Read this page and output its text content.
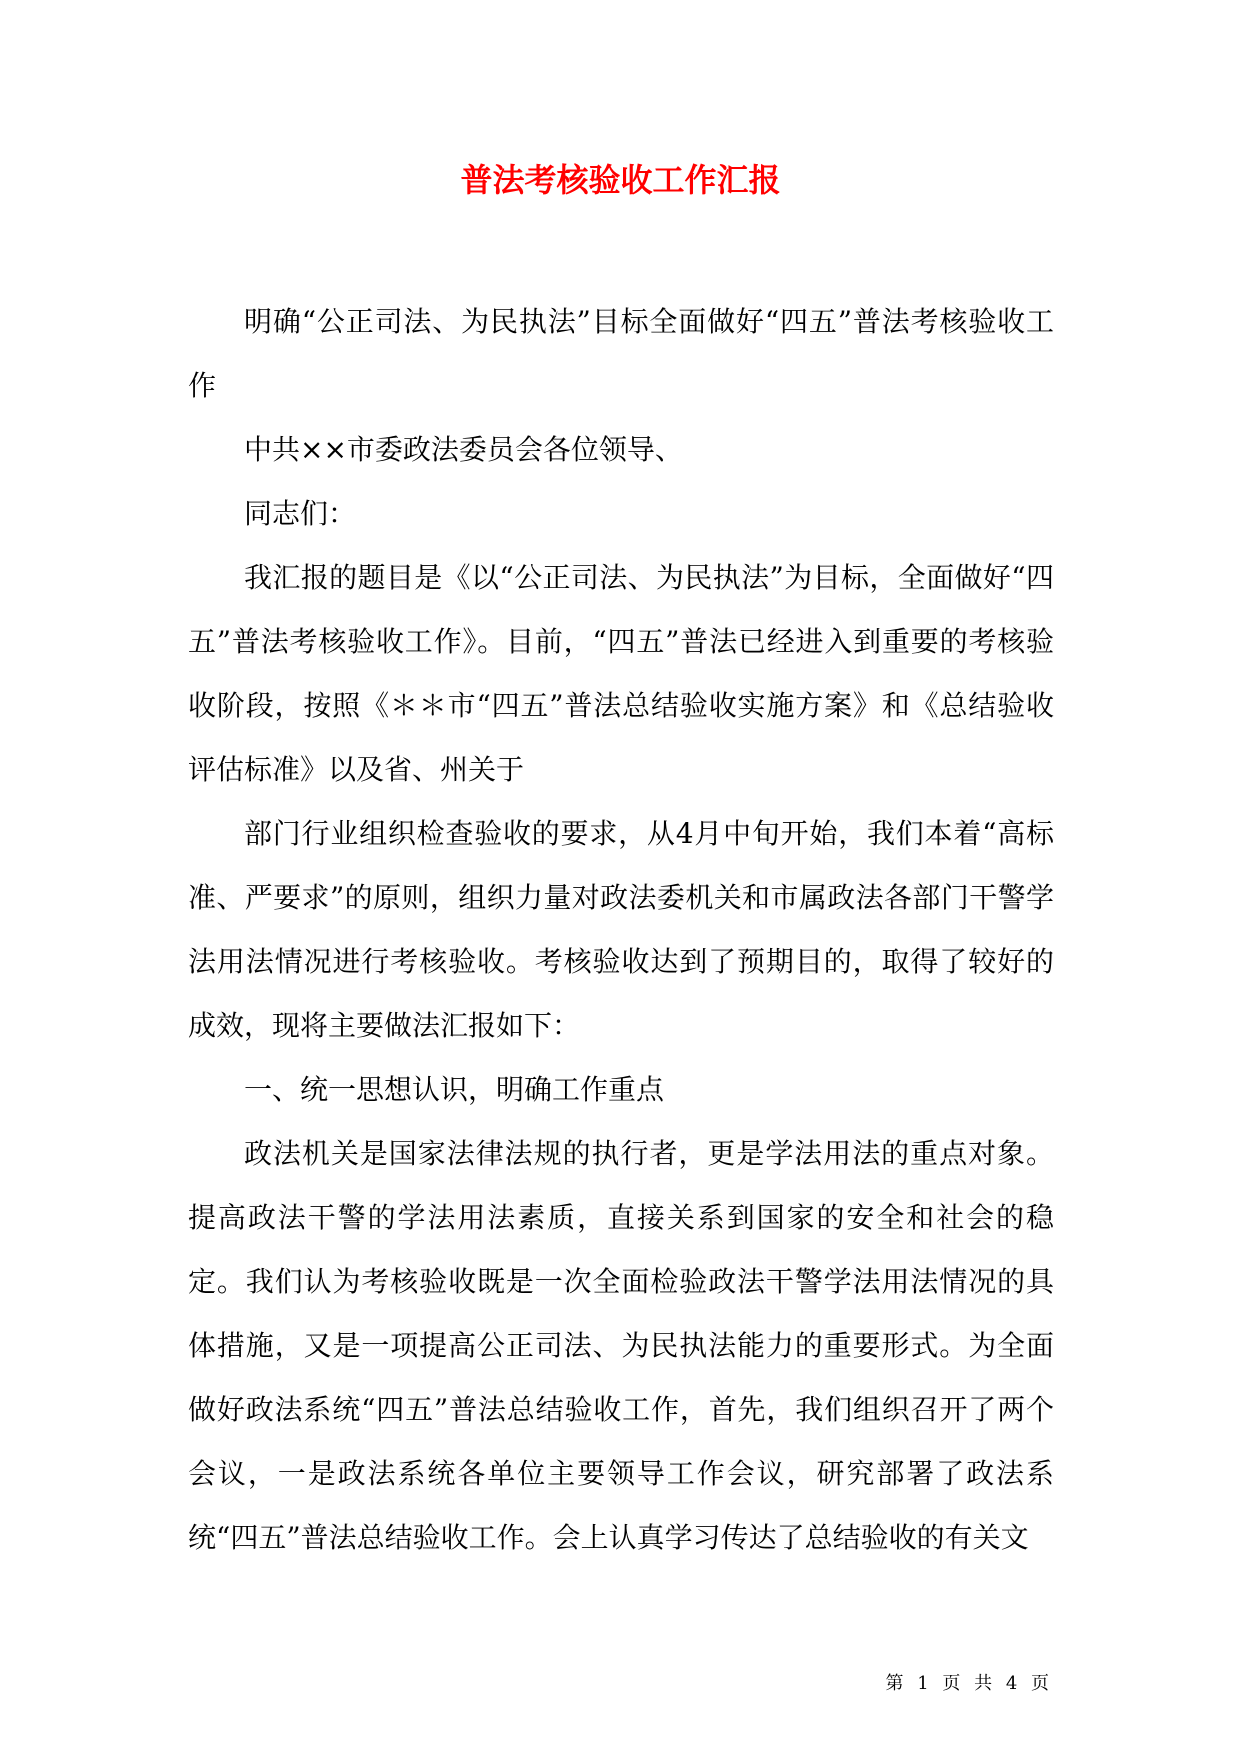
普法考核验收工作汇报

明确“公正司法、为民执法”目标全面做好“四五”普法考核验收工作

中共××市委政法委员会各位领导、

同志们：

我汇报的题目是《以“公正司法、为民执法”为目标，全面做好“四五”普法考核验收工作》。目前，“四五”普法已经进入到重要的考核验收阶段，按照《＊＊市“四五”普法总结验收实施方案》和《总结验收评估标准》以及省、州关于

部门行业组织检查验收的要求，从4月中旬开始，我们本着“高标准、严要求”的原则，组织力量对政法委机关和市属政法各部门干警学法用法情况进行考核验收。考核验收达到了预期目的，取得了较好的成效，现将主要做法汇报如下：

一、统一思想认识，明确工作重点

政法机关是国家法律法规的执行者，更是学法用法的重点对象。提高政法干警的学法用法素质，直接关系到国家的安全和社会的稳定。我们认为考核验收既是一次全面检验政法干警学法用法情况的具体措施，又是一项提高公正司法、为民执法能力的重要形式。为全面做好政法系统“四五”普法总结验收工作，首先，我们组织召开了两个会议，一是政法系统各单位主要领导工作会议，研究部署了政法系统“四五”普法总结验收工作。会上认真学习传达了总结验收的有关文

第 1 页 共 4 页
